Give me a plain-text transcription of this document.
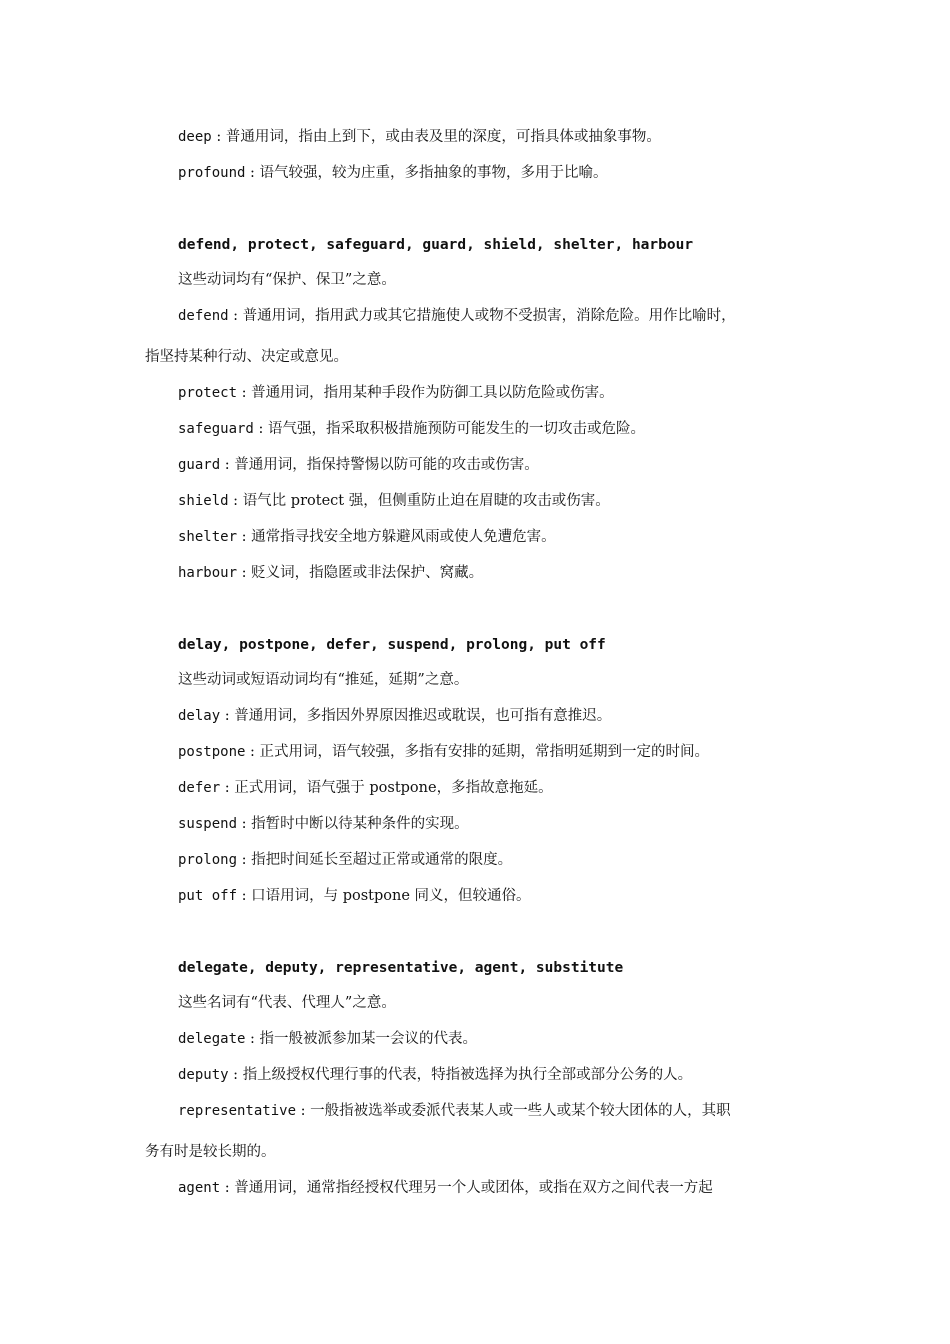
deep : 普通用词，指由上到下，或由表及里的深度，可指具体或抽象事物。
profound : 语气较强，较为庄重，多指抽象的事物，多用于比喻。
defend, protect, safeguard, guard, shield, shelter, harbour
这些动词均有“保护、保卫”之意。
defend : 普通用词，指用武力或其它措施使人或物不受损害，消除危险。用作比喻时，
指坚持某种行动、决定或意见。
protect : 普通用词，指用某种手段作为防御工具以防危险或伤害。
safeguard : 语气强，指采取积极措施预防可能发生的一切攻击或危险。
guard : 普通用词，指保持警惕以防可能的攻击或伤害。
shield : 语气比 protect 强，但侧重防止迫在眉睫的攻击或伤害。
shelter : 通常指寻找安全地方躲避风雨或使人免遭危害。
harbour : 贬义词，指隐匿或非法保护、窝藏。
delay, postpone, defer, suspend, prolong, put off
这些动词或短语动词均有“推延，延期”之意。
delay : 普通用词，多指因外界原因推迟或耽误，也可指有意推迟。
postpone : 正式用词，语气较强，多指有安排的延期，常指明延期到一定的时间。
defer : 正式用词，语气强于 postpone，多指故意拖延。
suspend : 指暂时中断以待某种条件的实现。
prolong : 指把时间延长至超过正常或通常的限度。
put off : 口语用词，与 postpone 同义，但较通俗。
delegate, deputy, representative, agent, substitute
这些名词有“代表、代理人”之意。
delegate : 指一般被派参加某一会议的代表。
deputy : 指上级授权代理行事的代表，特指被选择为执行全部或部分公务的人。
representative : 一般指被选举或委派代表某人或一些人或某个较大团体的人，其职
务有时是较长期的。
agent : 普通用词，通常指经授权代理另一个人或团体，或指在双方之间代表一方起
